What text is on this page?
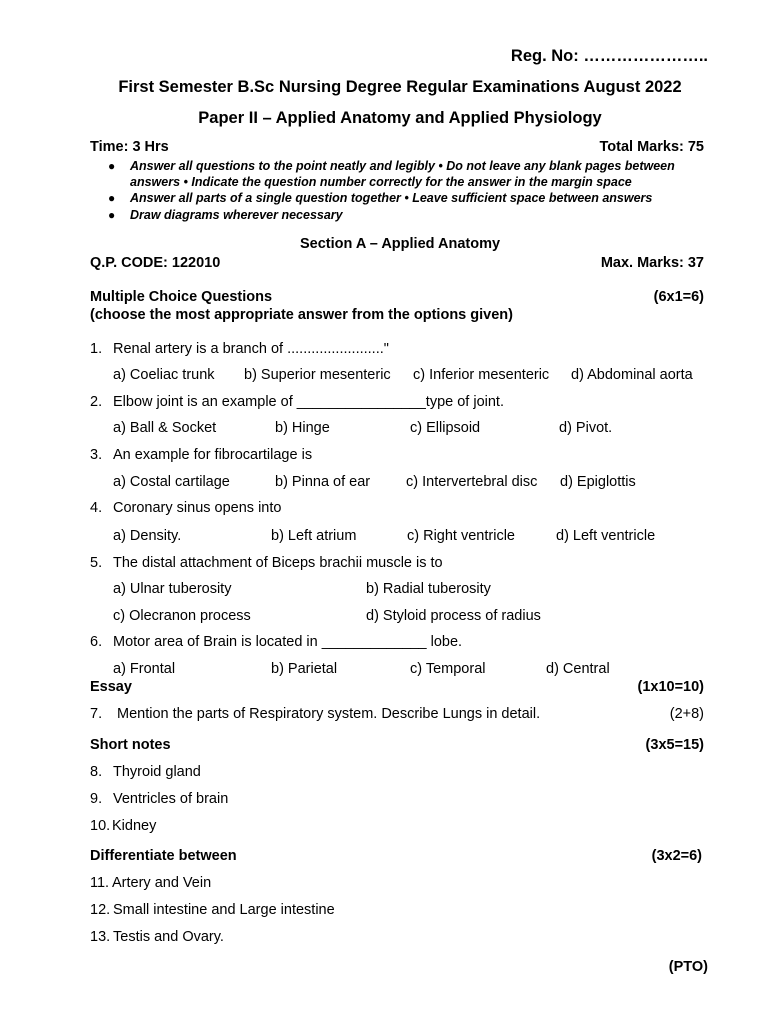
Reg. No: …………………..
First Semester B.Sc Nursing Degree Regular Examinations August 2022
Paper II – Applied Anatomy and Applied Physiology
Time: 3 Hrs	Total Marks: 75
● Answer all questions to the point neatly and legibly • Do not leave any blank pages between
answers • Indicate the question number correctly for the answer in the margin space
● Answer all parts of a single question together • Leave sufficient space between answers
● Draw diagrams wherever necessary
Section A – Applied Anatomy
Q.P. CODE: 122010	Max. Marks: 37
Multiple Choice Questions	(6x1=6)
(choose the most appropriate answer from the options given)
1. Renal artery is a branch of ........................"
a) Coeliac trunk b) Superior mesenteric c) Inferior mesenteric d) Abdominal aorta
2. Elbow joint is an example of ________________type of joint.
a) Ball & Socket	b) Hinge	c) Ellipsoid	d) Pivot.
3. An example for fibrocartilage is
a) Costal cartilage	b) Pinna of ear c) Intervertebral disc d) Epiglottis
4. Coronary sinus opens into
a) Density.	b) Left atrium	c) Right ventricle	d) Left ventricle
5. The distal attachment of Biceps brachii muscle is to
a) Ulnar tuberosity	b) Radial tuberosity
c) Olecranon process	d) Styloid process of radius
6. Motor area of Brain is located in _____________ lobe.
a) Frontal	b) Parietal	c) Temporal	d) Central
Essay	(1x10=10)
7. Mention the parts of Respiratory system. Describe Lungs in detail.	(2+8)
Short notes	(3x5=15)
8. Thyroid gland
9. Ventricles of brain
10. Kidney
Differentiate between	(3x2=6)
11. Artery and Vein
12. Small intestine and Large intestine
13. Testis and Ovary.
(PTO)
